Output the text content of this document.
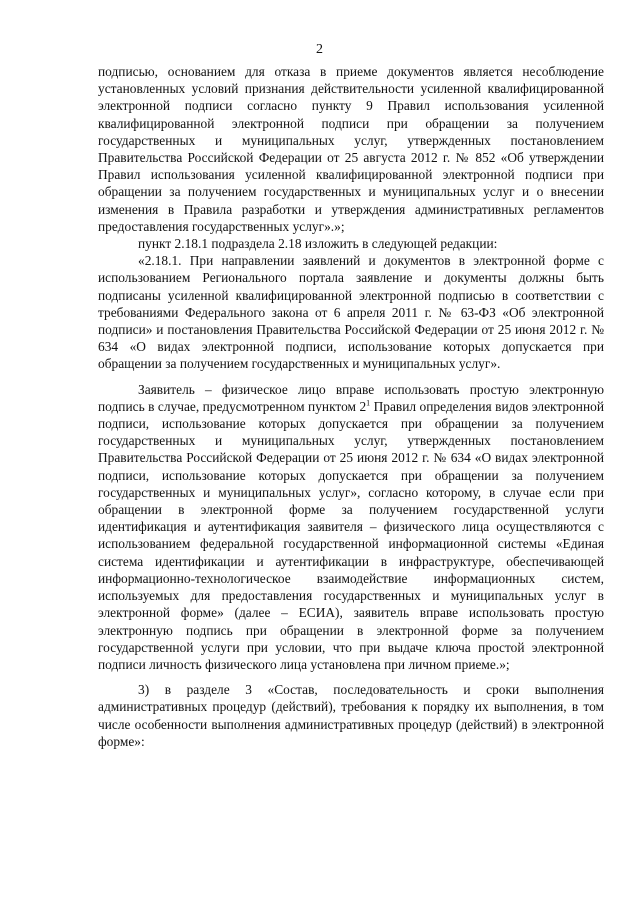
2

подписью, основанием для отказа в приеме документов является несоблюдение установленных условий признания действительности усиленной квалифицированной электронной подписи согласно пункту 9 Правил использования усиленной квалифицированной электронной подписи при обращении за получением государственных и муниципальных услуг, утвержденных постановлением Правительства Российской Федерации от 25 августа 2012 г. № 852 «Об утверждении Правил использования усиленной квалифицированной электронной подписи при обращении за получением государственных и муниципальных услуг и о внесении изменения в Правила разработки и утверждения административных регламентов предоставления государственных услуг».»;

пункт 2.18.1 подраздела 2.18 изложить в следующей редакции:

«2.18.1. При направлении заявлений и документов в электронной форме с использованием Регионального портала заявление и документы должны быть подписаны усиленной квалифицированной электронной подписью в соответствии с требованиями Федерального закона от 6 апреля 2011 г. № 63-ФЗ «Об электронной подписи» и постановления Правительства Российской Федерации от 25 июня 2012 г. № 634 «О видах электронной подписи, использование которых допускается при обращении за получением государственных и муниципальных услуг».

Заявитель – физическое лицо вправе использовать простую электронную подпись в случае, предусмотренном пунктом $2^1$ Правил определения видов электронной подписи, использование которых допускается при обращении за получением государственных и муниципальных услуг, утвержденных постановлением Правительства Российской Федерации от 25 июня 2012 г. № 634 «О видах электронной подписи, использование которых допускается при обращении за получением государственных и муниципальных услуг», согласно которому, в случае если при обращении в электронной форме за получением государственной услуги идентификация и аутентификация заявителя – физического лица осуществляются с использованием федеральной государственной информационной системы «Единая система идентификации и аутентификации в инфраструктуре, обеспечивающей информационно-технологическое взаимодействие информационных систем, используемых для предоставления государственных и муниципальных услуг в электронной форме» (далее – ЕСИА), заявитель вправе использовать простую электронную подпись при обращении в электронной форме за получением государственной услуги при условии, что при выдаче ключа простой электронной подписи личность физического лица установлена при личном приеме.»;

3) в разделе 3 «Состав, последовательность и сроки выполнения административных процедур (действий), требования к порядку их выполнения, в том числе особенности выполнения административных процедур (действий) в электронной форме»:
